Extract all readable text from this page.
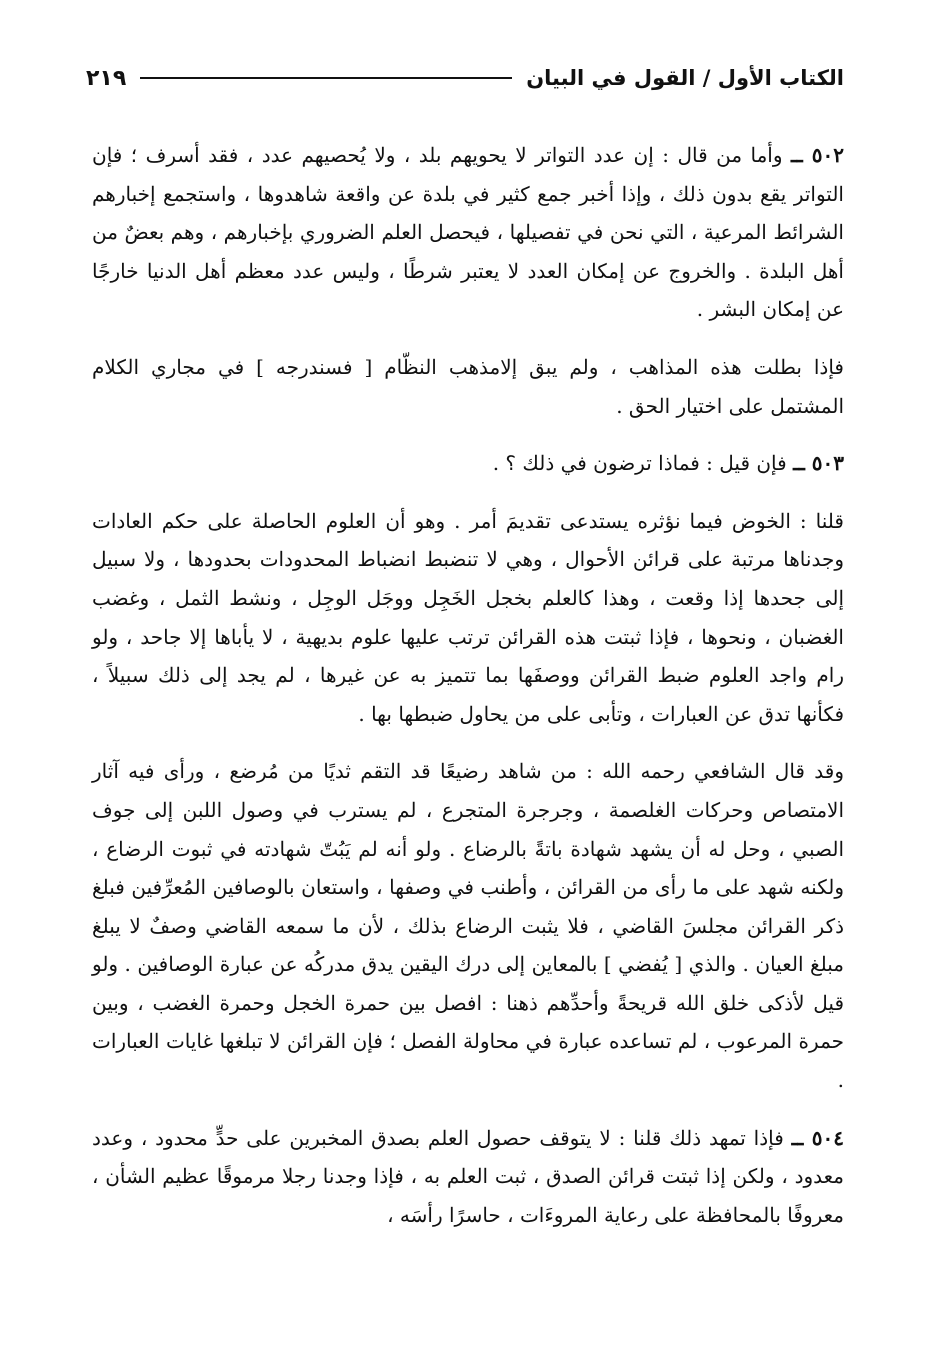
الكتاب الأول / القول في البيان
٢١٩

٥٠٢ ــ وأما من قال : إن عدد التواتر لا يحويهم بلد ، ولا يُحصيهم عدد ، فقد أسرف ؛ فإن التواتر يقع بدون ذلك ، وإذا أخبر جمع كثير في بلدة عن واقعة شاهدوها ، واستجمع إخبارهم الشرائط المرعية ، التي نحن في تفصيلها ، فيحصل العلم الضروري بإخبارهم ، وهم بعضٌ من أهل البلدة . والخروج عن إمكان العدد لا يعتبر شرطًا ، وليس عدد معظم أهل الدنيا خارجًا عن إمكان البشر .

فإذا بطلت هذه المذاهب ، ولم يبق إلامذهب النظّام [ فسندرجه ] في مجاري الكلام المشتمل على اختيار الحق .

٥٠٣ ــ فإن قيل : فماذا ترضون في ذلك ؟ .

قلنا : الخوض فيما نؤثره يستدعى تقديمَ أمر . وهو أن العلوم الحاصلة على حكم العادات وجدناها مرتبة على قرائن الأحوال ، وهي لا تنضبط انضباط المحدودات بحدودها ، ولا سبيل إلى جحدها إذا وقعت ، وهذا كالعلم بخجل الخَجِل ووجَل الوجِل ، ونشط الثمل ، وغضب الغضبان ، ونحوها ، فإذا ثبتت هذه القرائن ترتب عليها علوم بديهية ، لا يأباها إلا جاحد ، ولو رام واجد العلوم ضبط القرائن ووصفَها بما تتميز به عن غيرها ، لم يجد إلى ذلك سبيلاً ، فكأنها تدق عن العبارات ، وتأبى على من يحاول ضبطها بها .

وقد قال الشافعي رحمه الله : من شاهد رضيعًا قد التقم ثديًا من مُرضع ، ورأى فيه آثار الامتصاص وحركات الغلصمة ، وجرجرة المتجرع ، لم يسترب في وصول اللبن إلى جوف الصبي ، وحل له أن يشهد شهادة باتةً بالرضاع . ولو أنه لم يَبُتّ شهادته في ثبوت الرضاع ، ولكنه شهد على ما رأى من القرائن ، وأطنب في وصفها ، واستعان بالوصافين المُعرِّفين فبلغ ذكر القرائن مجلسَ القاضي ، فلا يثبت الرضاع بذلك ، لأن ما سمعه القاضي وصفٌ لا يبلغ مبلغ العيان . والذي [ يُفضي ] بالمعاين إلى درك اليقين يدق مدركُه عن عبارة الوصافين . ولو قيل لأذكى خلق الله قريحةً وأحدِّهم ذهنا : افصل بين حمرة الخجل وحمرة الغضب ، وبين حمرة المرعوب ، لم تساعده عبارة في محاولة الفصل ؛ فإن القرائن لا تبلغها غايات العبارات .

٥٠٤ ــ فإذا تمهد ذلك قلنا : لا يتوقف حصول العلم بصدق المخبرين على حدٍّ محدود ، وعدد معدود ، ولكن إذا ثبتت قرائن الصدق ، ثبت العلم به ، فإذا وجدنا رجلا مرموقًا عظيم الشأن ، معروفًا بالمحافظة على رعاية المروءَات ، حاسرًا رأسَه ،
